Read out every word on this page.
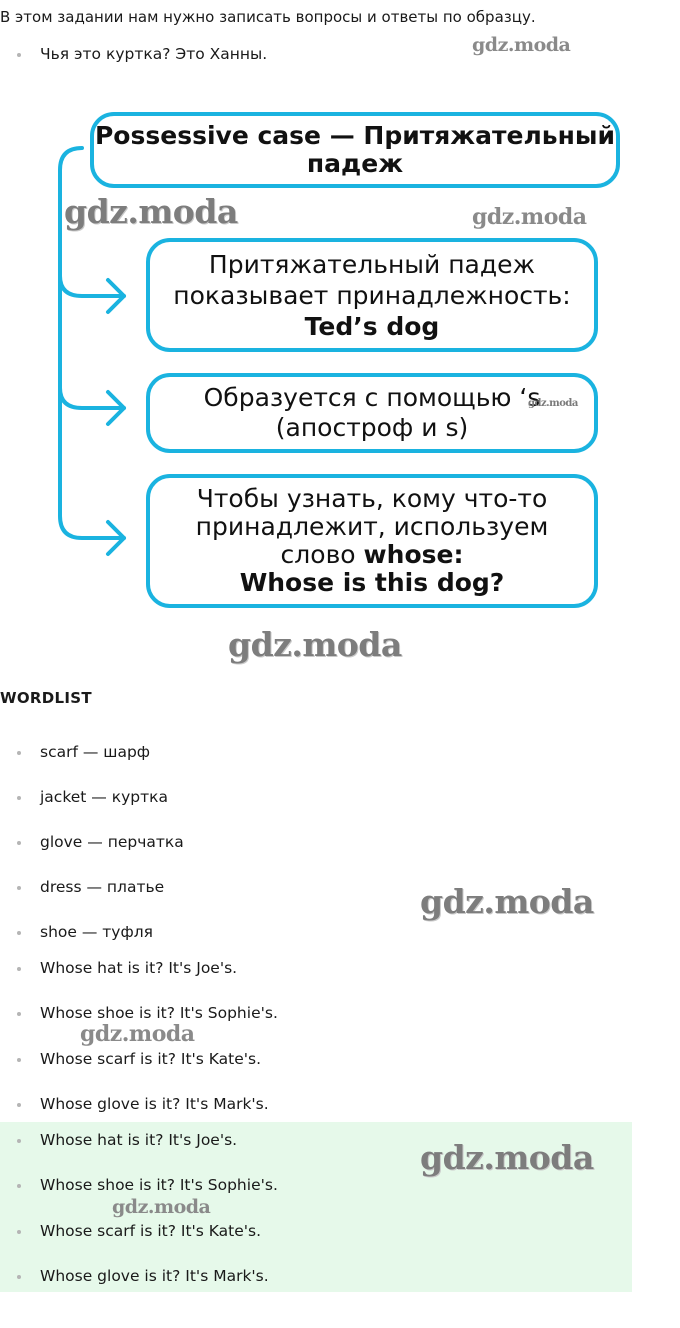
В этом задании нам нужно записать вопросы и ответы по образцу.
Чья это куртка? Это Ханны.
Possessive case — Притяжательный
падеж
Притяжательный падеж
показывает принадлежность:
Ted’s dog
Образуется с помощью ‘s
(апостроф и s)
Чтобы узнать, кому что-то
принадлежит, используем
слово whose:
Whose is this dog?
WORDLIST
scarf — шарф
jacket — куртка
glove — перчатка
dress — платье
shoe — туфля
Whose hat is it? It's Joe's.
Whose shoe is it? It's Sophie's.
Whose scarf is it? It's Kate's.
Whose glove is it? It's Mark's.
Whose hat is it? It's Joe's.
Whose shoe is it? It's Sophie's.
Whose scarf is it? It's Kate's.
Whose glove is it? It's Mark's.
gdz.moda
gdz.moda	gdz.moda
gdz.moda
gdz.moda
gdz.moda
gdz.moda
gdz.moda
gdz.moda
